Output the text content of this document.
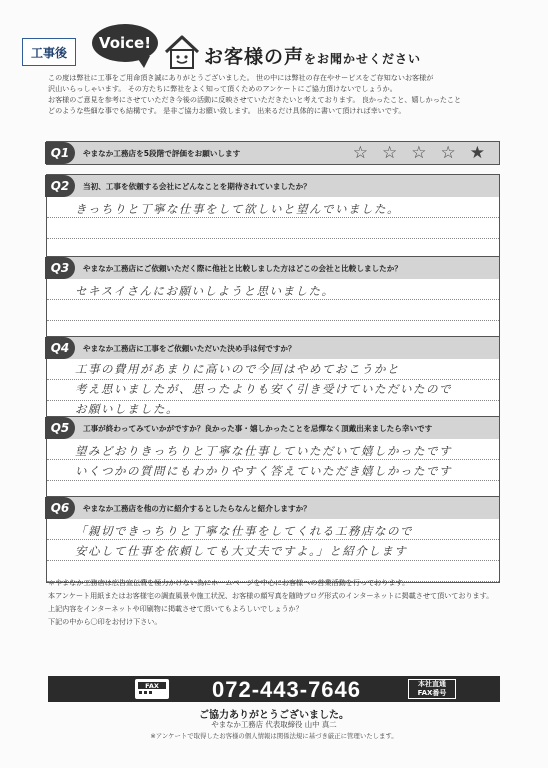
工事後
Voice!
お客様の声をお聞かせください

この度は弊社に工事をご用命頂き誠にありがとうございました。 世の中には弊社の存在やサービスをご存知ないお客様が

沢山いらっしゃいます。 その方たちに弊社をよく知って頂くためのアンケートにご協力頂けないでしょうか。

お客様のご意見を参考にさせていただき今後の活動に反映させていただきたいと考えております。 良かったこと、嬉しかったこと

どのような些細な事でも結構です。 是非ご協力お願い致します。 出来るだけ具体的に書いて頂ければ幸いです。

Q1	やまなか工務店を5段階で評価をお願いします	☆ ☆ ☆ ☆ ★
Q2	当初、工事を依頼する会社にどんなことを期待されていましたか？
きっちりと丁寧な仕事をして欲しいと望んでいました。
Q3	やまなか工務店にご依頼いただく際に他社と比較しました方はどこの会社と比較しましたか？
セキスイさんにお願いしようと思いました。
Q4	やまなか工務店に工事をご依頼いただいた決め手は何ですか？
工事の費用があまりに高いので今回はやめておこうかと
考え思いましたが、思ったよりも安く引き受けていただいたので
お願いしました。
Q5	工事が終わってみていかがですか？良かった事・嬉しかったことを忌憚なく頂戴出来ましたら幸いです
望みどおりきっちりと丁寧な仕事していただいて嬉しかったです
いくつかの質問にもわかりやすく答えていただき嬉しかったです
Q6	やまなか工務店を他の方に紹介するとしたらなんと紹介しますか？
「親切できっちりと丁寧な仕事をしてくれる工務店なので
安心して仕事を依頼しても大丈夫ですよ。」と紹介します

＊やまなか工務店は広告宣伝費を極力かけない為にホームページを中心にお客様への営業活動を行っております。

本アンケート用紙またはお客様宅の調査風景や施工状況、お客様の顔写真を随時ブログ形式のインターネットに掲載させて頂いております。

上記内容をインターネットや印刷物に掲載させて頂いてもよろしいでしょうか？

下記の中から〇印をお付け下さい。

FAX 072-443-7646	本社直通
FAX番号
ご協力ありがとうございました。
やまなか工務店 代表取締役 山中 真二
※アンケートで取得したお客様の個人情報は関係法規に基づき厳正に管理いたします。
